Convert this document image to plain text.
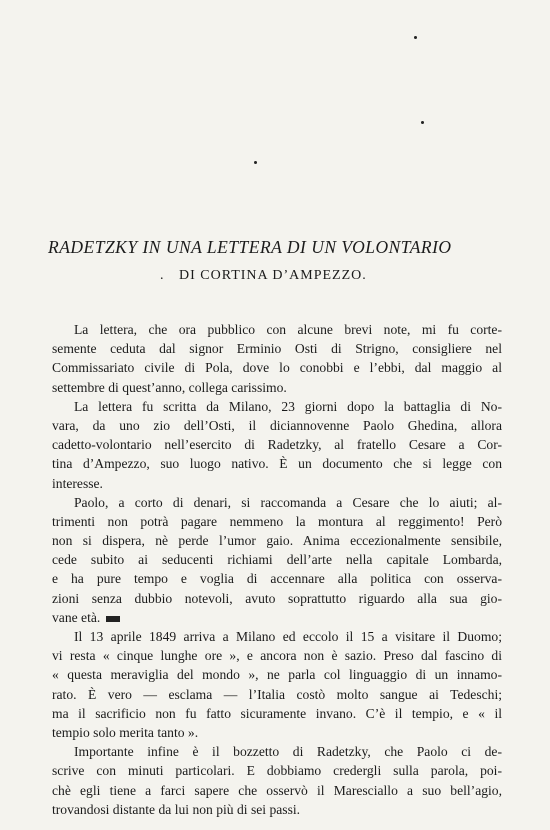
RADETZKY IN UNA LETTERA DI UN VOLONTARIO
. DI CORTINA D’AMPEZZO.
La lettera, che ora pubblico con alcune brevi note, mi fu corte-
semente ceduta dal signor Erminio Osti di Strigno, consigliere nel
Commissariato civile di Pola, dove lo conobbi e l’ebbi, dal maggio al
settembre di quest’anno, collega carissimo.
La lettera fu scritta da Milano, 23 giorni dopo la battaglia di No-
vara, da uno zio dell’Osti, il diciannovenne Paolo Ghedina, allora
cadetto-volontario nell’esercito di Radetzky, al fratello Cesare a Cor-
tina d’Ampezzo, suo luogo nativo. È un documento che si legge con
interesse.
Paolo, a corto di denari, si raccomanda a Cesare che lo aiuti; al-
trimenti non potrà pagare nemmeno la montura al reggimento! Però
non si dispera, nè perde l’umor gaio. Anima eccezionalmente sensibile,
cede subito ai seducenti richiami dell’arte nella capitale Lombarda,
e ha pure tempo e voglia di accennare alla politica con osserva-
zioni senza dubbio notevoli, avuto soprattutto riguardo alla sua gio-
vane età.
Il 13 aprile 1849 arriva a Milano ed eccolo il 15 a visitare il Duomo;
vi resta « cinque lunghe ore », e ancora non è sazio. Preso dal fascino di
« questa meraviglia del mondo », ne parla col linguaggio di un innamo-
rato. È vero — esclama — l’Italia costò molto sangue ai Tedeschi;
ma il sacrificio non fu fatto sicuramente invano. C’è il tempio, e « il
tempio solo merita tanto ».
Importante infine è il bozzetto di Radetzky, che Paolo ci de-
scrive con minuti particolari. E dobbiamo credergli sulla parola, poi-
chè egli tiene a farci sapere che osservò il Maresciallo a suo bell’agio,
trovandosi distante da lui non più di sei passi.
